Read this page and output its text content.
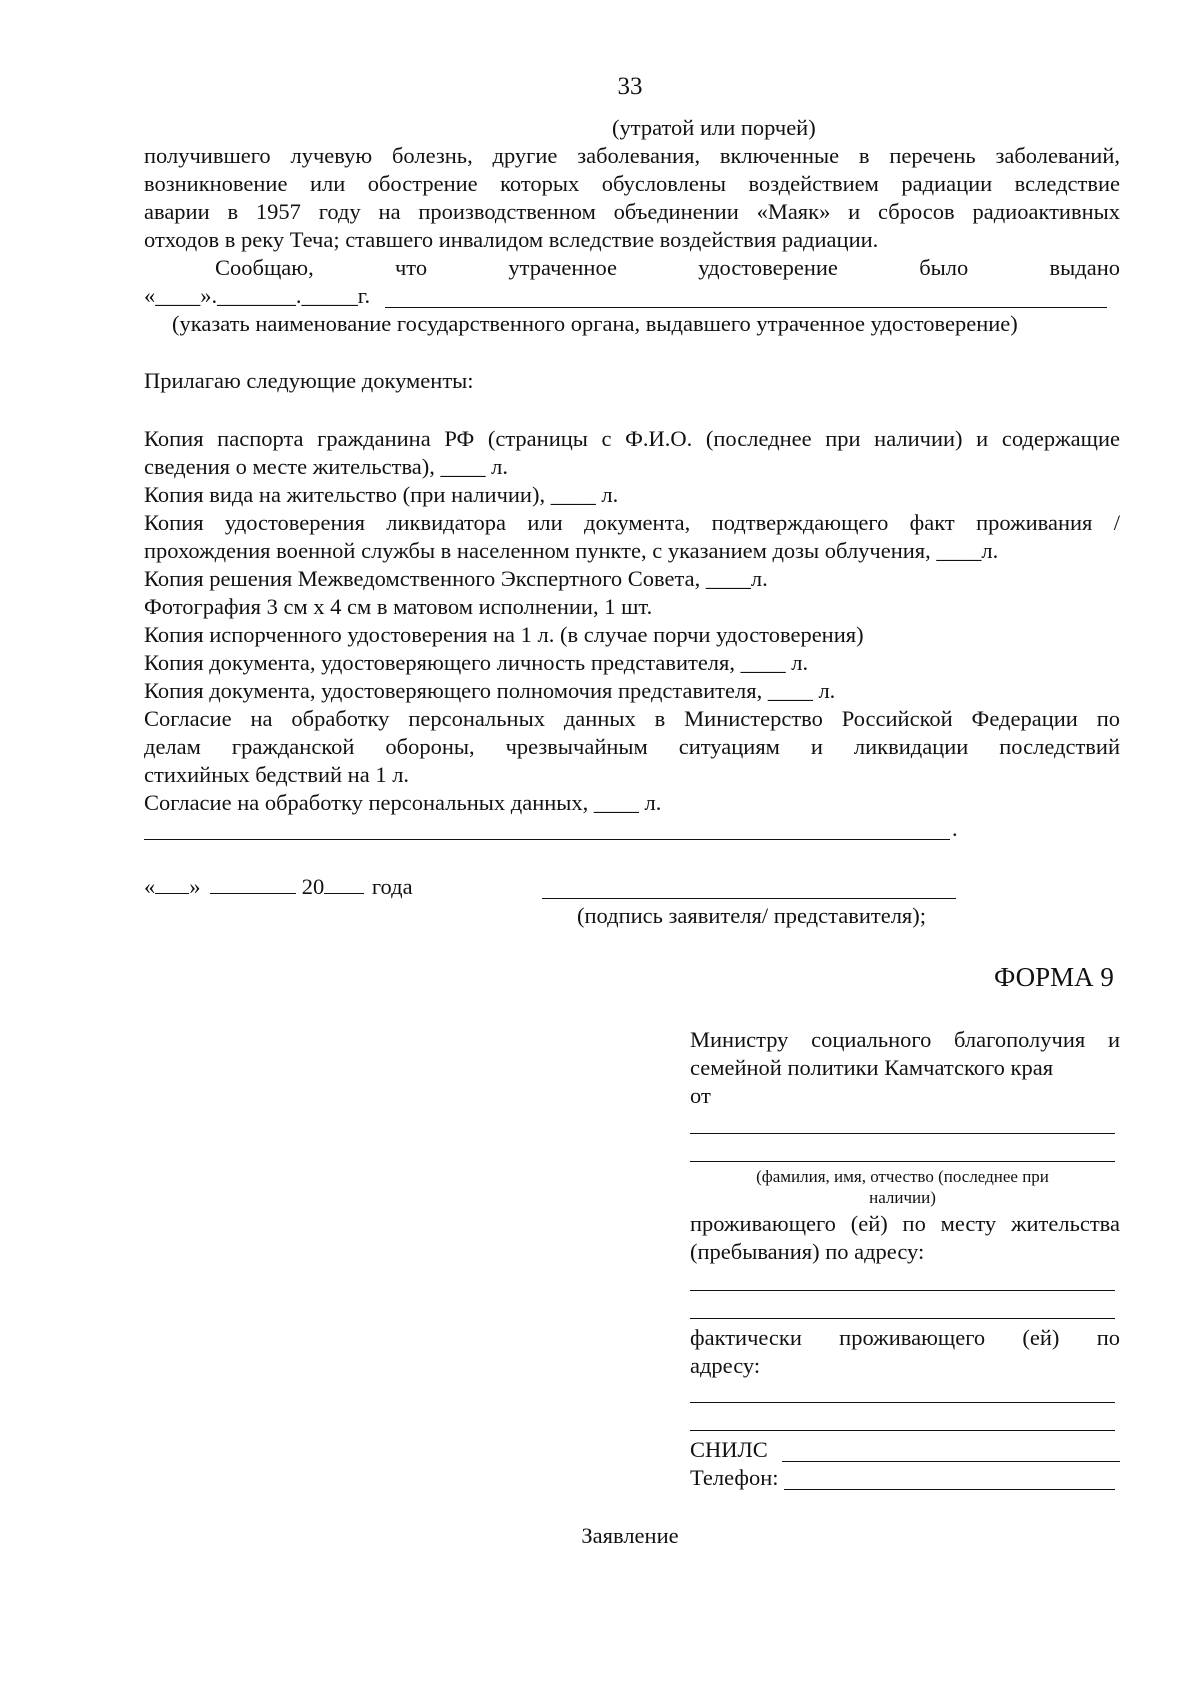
33
(утратой или порчей)
получившего лучевую болезнь, другие заболевания, включенные в перечень заболеваний,
возникновение или обострение которых обусловлены воздействием радиации вследствие
аварии в 1957 году на производственном объединении «Маяк» и сбросов радиоактивных
отходов в реку Теча; ставшего инвалидом вследствие воздействия радиации.
Сообщаю, что утраченное удостоверение было выдано
«____»._______._____г.
(указать наименование государственного органа, выдавшего утраченное удостоверение)
Прилагаю следующие документы:
Копия паспорта гражданина РФ (страницы с Ф.И.О. (последнее при наличии) и содержащие
сведения о месте жительства), ____ л.
Копия вида на жительство (при наличии), ____ л.
Копия удостоверения ликвидатора или документа, подтверждающего факт проживания /
прохождения военной службы в населенном пункте, с указанием дозы облучения, ____л.
Копия решения Межведомственного Экспертного Совета, ____л.
Фотография 3 см х 4 см в матовом исполнении, 1 шт.
Копия испорченного удостоверения на 1 л. (в случае порчи удостоверения)
Копия документа, удостоверяющего личность представителя, ____ л.
Копия документа, удостоверяющего полномочия представителя, ____ л.
Согласие на обработку персональных данных в Министерство Российской Федерации по
делам гражданской обороны, чрезвычайным ситуациям и ликвидации последствий
стихийных бедствий на 1 л.
Согласие на обработку персональных данных, ____ л.
.
« »	20 года
(подпись заявителя/ представителя);
ФОРМА 9
Министру социального благополучия и
семейной политики Камчатского края
от
(фамилия, имя, отчество (последнее при
наличии)
проживающего (ей) по месту жительства
(пребывания) по адресу:
фактически проживающего (ей) по
адресу:
СНИЛС
Телефон:
Заявление
